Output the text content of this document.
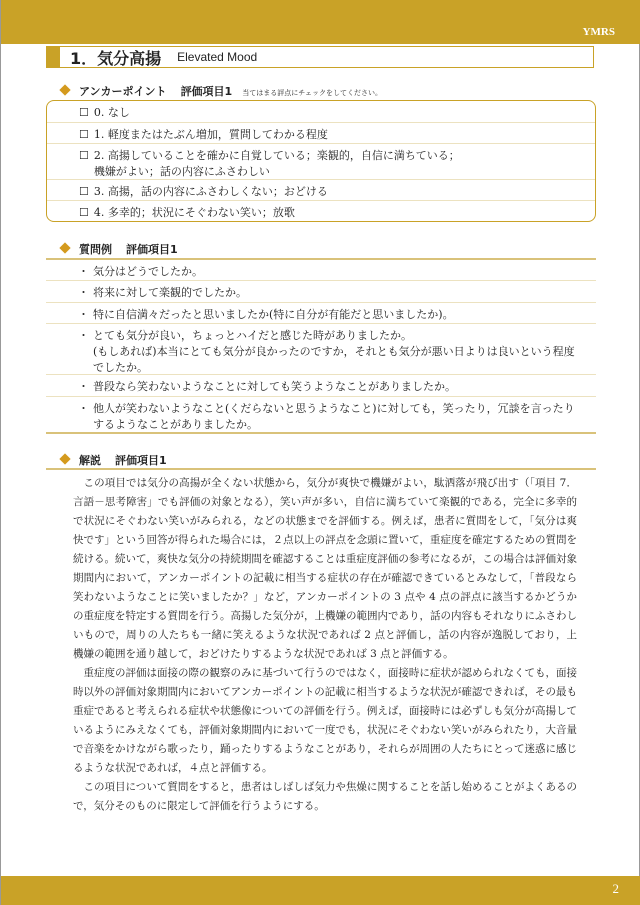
YMRS
1．気分高揚 Elevated Mood
アンカーポイント 評価項目1 当てはまる評点にチェックをしてください。
☐ 0. なし
☐ 1. 軽度またはたぶん増加，質問してわかる程度
☐ 2. 高揚していることを確かに自覚している；楽観的，自信に満ちている；
機嫌がよい；話の内容にふさわしい
☐ 3. 高揚，話の内容にふさわしくない；おどける
☐ 4. 多幸的；状況にそぐわない笑い；放歌
質問例 評価項目1
・ 気分はどうでしたか。
・ 将来に対して楽観的でしたか。
・ 特に自信満々だったと思いましたか(特に自分が有能だと思いましたか)。
・ とても気分が良い，ちょっとハイだと感じた時がありましたか。
(もしあれば)本当にとても気分が良かったのですか，それとも気分が悪い日よりは良いという程度でしたか。
・ 普段なら笑わないようなことに対しても笑うようなことがありましたか。
・ 他人が笑わないようなこと(くだらないと思うようなこと)に対しても，笑ったり，冗談を言ったりするようなことがありましたか。
解説 評価項目1

この項目では気分の高揚が全くない状態から，気分が爽快で機嫌がよい，駄洒落が飛び出す（「項目 7．言語－思考障害」でも評価の対象となる），笑い声が多い，自信に満ちていて楽観的である，完全に多幸的で状況にそぐわない笑いがみられる，などの状態までを評価する。例えば，患者に質問をして，「気分は爽快です」という回答が得られた場合には，２点以上の評点を念頭に置いて，重症度を確定するための質問を続ける。続いて，爽快な気分の持続期間を確認することは重症度評価の参考になるが，この場合は評価対象期間内において，アンカーポイントの記載に相当する症状の存在が確認できているとみなして，「普段なら笑わないようなことに笑いましたか？」など，アンカーポイントの 3 点や 4 点の評点に該当するかどうかの重症度を特定する質問を行う。高揚した気分が，上機嫌の範囲内であり，話の内容もそれなりにふさわしいもので，周りの人たちも一緒に笑えるような状況であれば 2 点と評価し，話の内容が逸脱しており，上機嫌の範囲を通り越して，おどけたりするような状況であれば 3 点と評価する。

重症度の評価は面接の際の観察のみに基づいて行うのではなく，面接時に症状が認められなくても，面接時以外の評価対象期間内においてアンカーポイントの記載に相当するような状況が確認できれば，その最も重症であると考えられる症状や状態像についての評価を行う。例えば，面接時には必ずしも気分が高揚しているようにみえなくても，評価対象期間内において一度でも，状況にそぐわない笑いがみられたり，大音量で音楽をかけながら歌ったり，踊ったりするようなことがあり，それらが周囲の人たちにとって迷惑に感じるような状況であれば，４点と評価する。

この項目について質問をすると，患者はしばしば気力や焦燥に関することを話し始めることがよくあるので，気分そのものに限定して評価を行うようにする。

2
